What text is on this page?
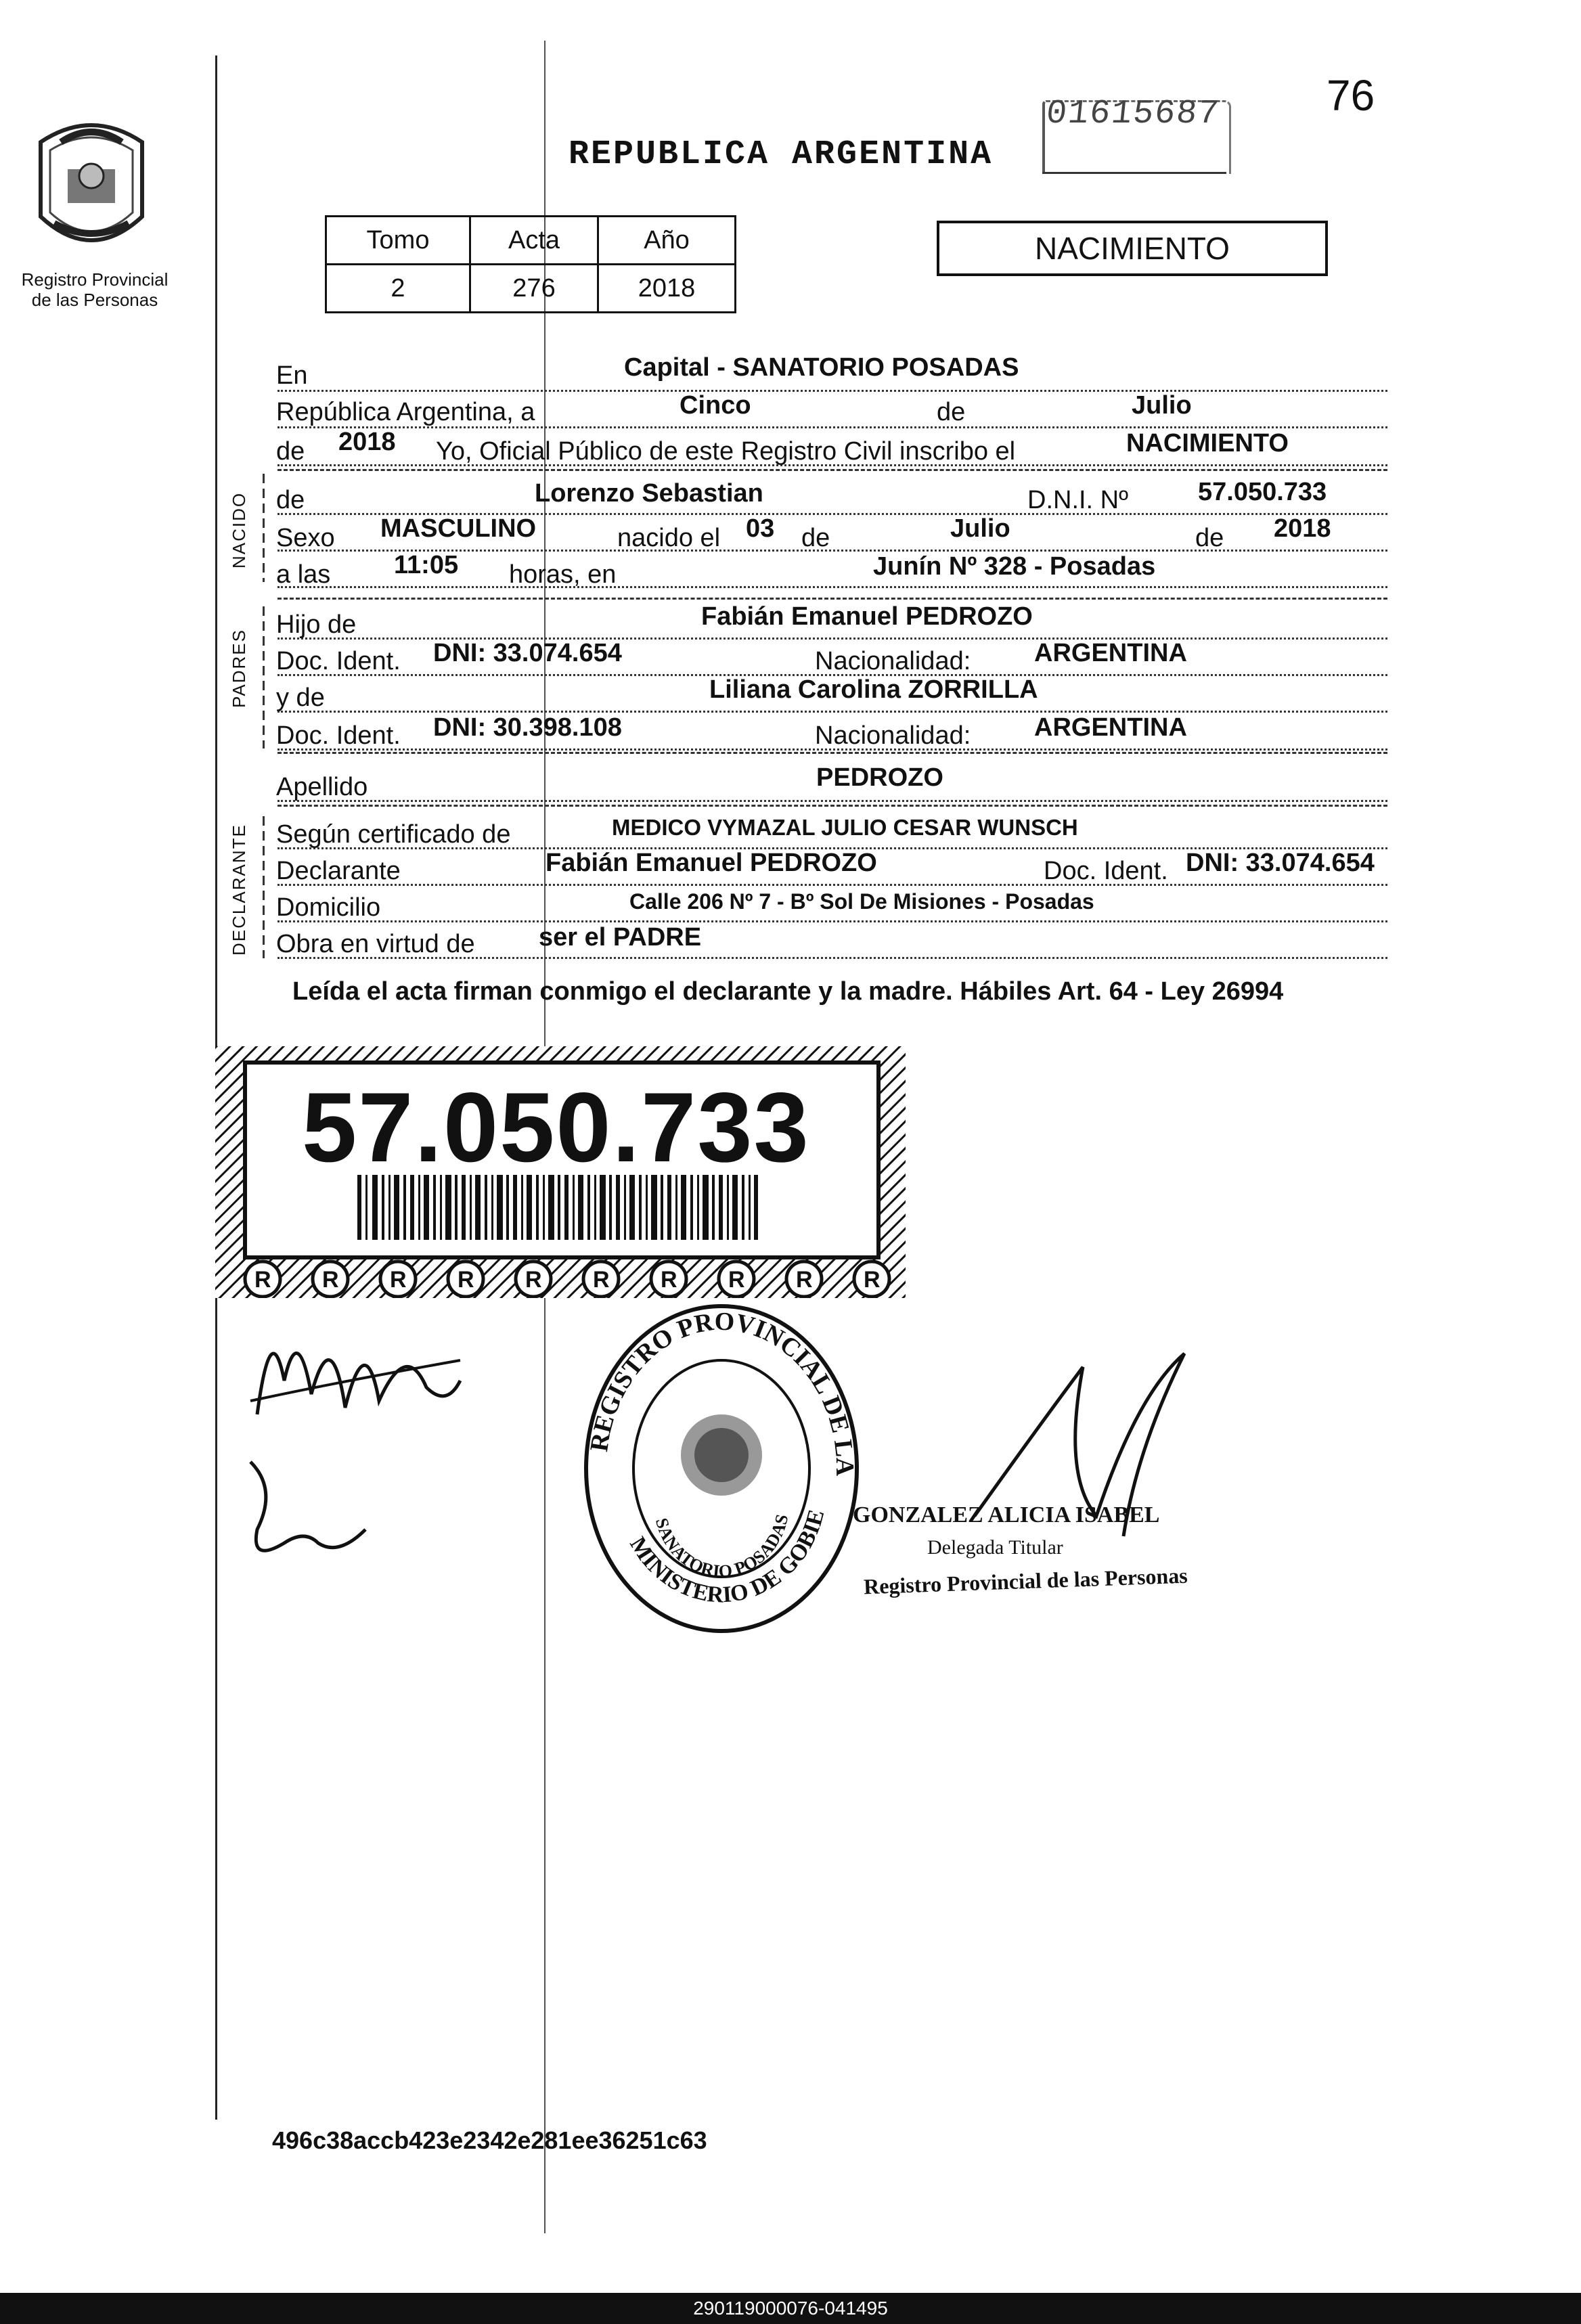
Registro Provincial
de las Personas
76
01615687
REPUBLICA ARGENTINA
Tomo	Acta	Año
2	276	2018
NACIMIENTO
En	Capital - SANATORIO POSADAS
República Argentina, a	Cinco	de	Julio
de 2018 Yo, Oficial Público de este Registro Civil inscribo el	NACIMIENTO
NACIDO de	Lorenzo Sebastian	D.N.I. Nº	57.050.733
Sexo MASCULINO	nacido el 03 de	Julio	de 2018
a las 11:05 horas, en	Junín Nº 328 - Posadas
PADRES
Hijo de	Fabián Emanuel PEDROZO
Doc. Ident. DNI: 33.074.654	Nacionalidad: ARGENTINA
y de	Liliana Carolina ZORRILLA
Doc. Ident. DNI: 30.398.108	Nacionalidad: ARGENTINA
Apellido	PEDROZO
DECLARANTE Según certificado de	MEDICO VYMAZAL JULIO CESAR WUNSCH
Declarante	Fabián Emanuel PEDROZO	Doc. Ident. DNI: 33.074.654
Domicilio	Calle 206 Nº 7 - Bº Sol De Misiones - Posadas
Obra en virtud de ser el PADRE
Leída el acta firman conmigo el declarante y la madre. Hábiles Art. 64 - Ley 26994
R R R R R R R R R R
57.050.733
REGISTRO PROVINCIAL DE LA
MINISTERIO DE GOBIE
SANATORIO POSADAS	GONZALEZ ALICIA ISABEL
Delegada Titular
Registro Provincial de las Personas
496c38accb423e2342e281ee36251c63
290119000076-041495
